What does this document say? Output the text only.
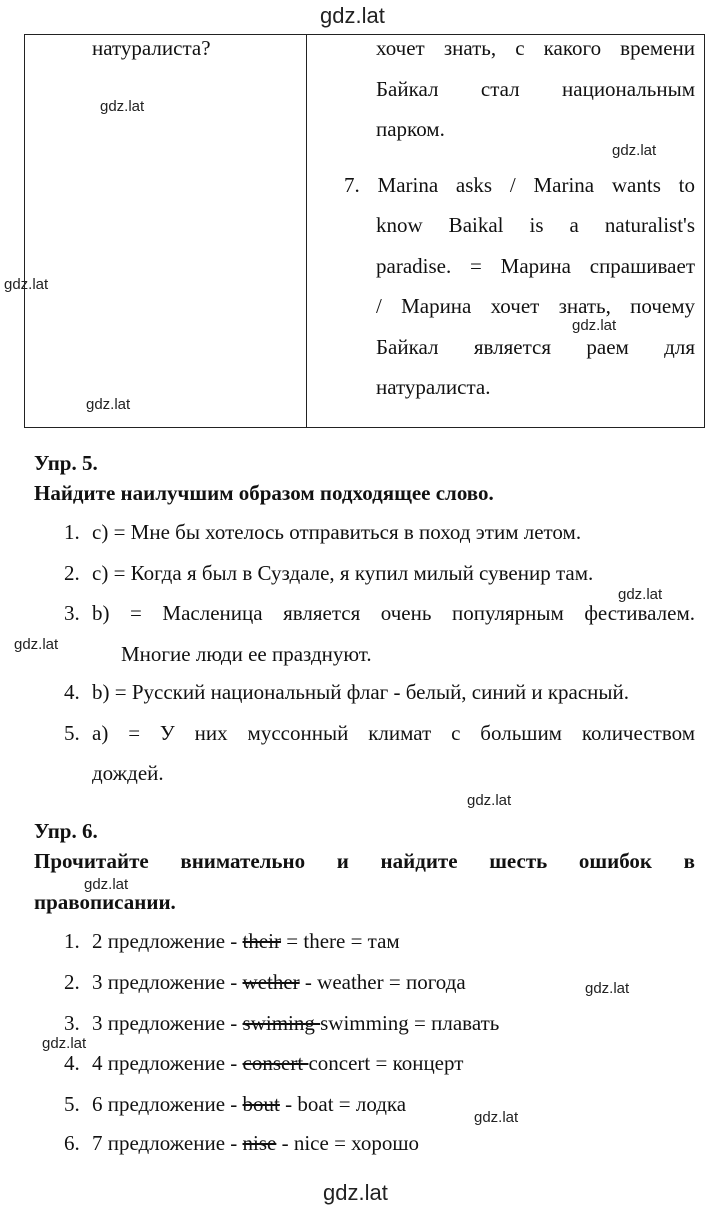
gdz.lat
gdz.lat
gdz.lat
gdz.lat
gdz.lat
gdz.lat
gdz.lat
gdz.lat
gdz.lat
gdz.lat
gdz.lat
gdz.lat
gdz.lat
gdz.lat
натуралиста?	хочет знать, с какого времени
Байкал стал национальным
парком.
7. Marina asks / Marina wants to
know Baikal is a naturalist's
paradise. = Марина спрашивает
/ Марина хочет знать, почему
Байкал является раем для
натуралиста.
Упр. 5.
Найдите наилучшим образом подходящее слово.
1. c) = Мне бы хотелось отправиться в поход этим летом.
2. c) = Когда я был в Суздале, я купил милый сувенир там.
3. b) = Масленица является очень популярным фестивалем.
Многие люди ее празднуют.
4. b) = Русский национальный флаг - белый, синий и красный.
5. a) = У них муссонный климат с большим количеством
дождей.
Упр. 6.
Прочитайте внимательно и найдите шесть ошибок в
правописании.
1. 2 предложение - their = there = там
2. 3 предложение - wether - weather = погода
3. 3 предложение - swiming swimming = плавать
4. 4 предложение - consert concert = концерт
5. 6 предложение - bout - boat = лодка
6. 7 предложение - nise - nice = хорошо
